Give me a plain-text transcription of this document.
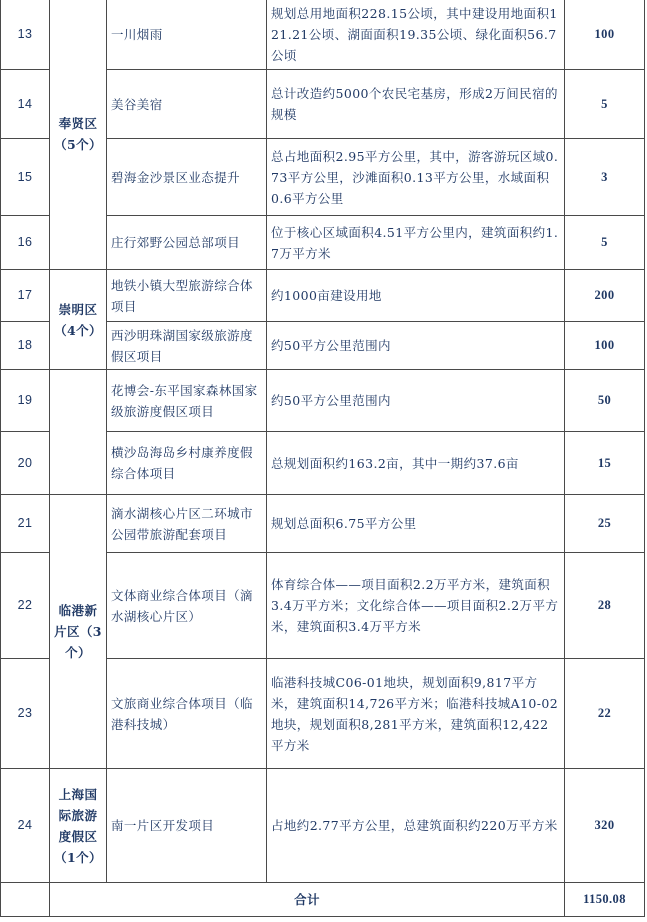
13	奉贤区（5个）	一川烟雨	规划总用地面积228.15公顷，其中建设用地面积121.21公顷、湖面面积19.35公顷、绿化面积56.7公顷	100
14		美谷美宿	总计改造约5000个农民宅基房，形成2万间民宿的规模	5
15		碧海金沙景区业态提升	总占地面积2.95平方公里，其中，游客游玩区域0.73平方公里，沙滩面积0.13平方公里，水域面积0.6平方公里	3
16		庄行郊野公园总部项目	位于核心区域面积4.51平方公里内，建筑面积约1.7万平方米	5
17	崇明区（4个）	地铁小镇大型旅游综合体项目	约1000亩建设用地	200
18		西沙明珠湖国家级旅游度假区项目	约50平方公里范围内	100
19		花博会-东平国家森林国家级旅游度假区项目	约50平方公里范围内	50
20		横沙岛海岛乡村康养度假综合体项目	总规划面积约163.2亩，其中一期约37.6亩	15
21	临港新片区（3个）	滴水湖核心片区二环城市公园带旅游配套项目	规划总面积6.75平方公里	25
22		文体商业综合体项目（滴水湖核心片区）	体育综合体——项目面积2.2万平方米，建筑面积3.4万平方米；文化综合体——项目面积2.2万平方米，建筑面积3.4万平方米	28
23		文旅商业综合体项目（临港科技城）	临港科技城C06-01地块，规划面积9,817平方米，建筑面积14,726平方米；临港科技城A10-02地块，规划面积8,281平方米，建筑面积12,422平方米	22
24	上海国际旅游度假区（1个）	南一片区开发项目	占地约2.77平方公里，总建筑面积约220万平方米	320
	合计			1150.08
